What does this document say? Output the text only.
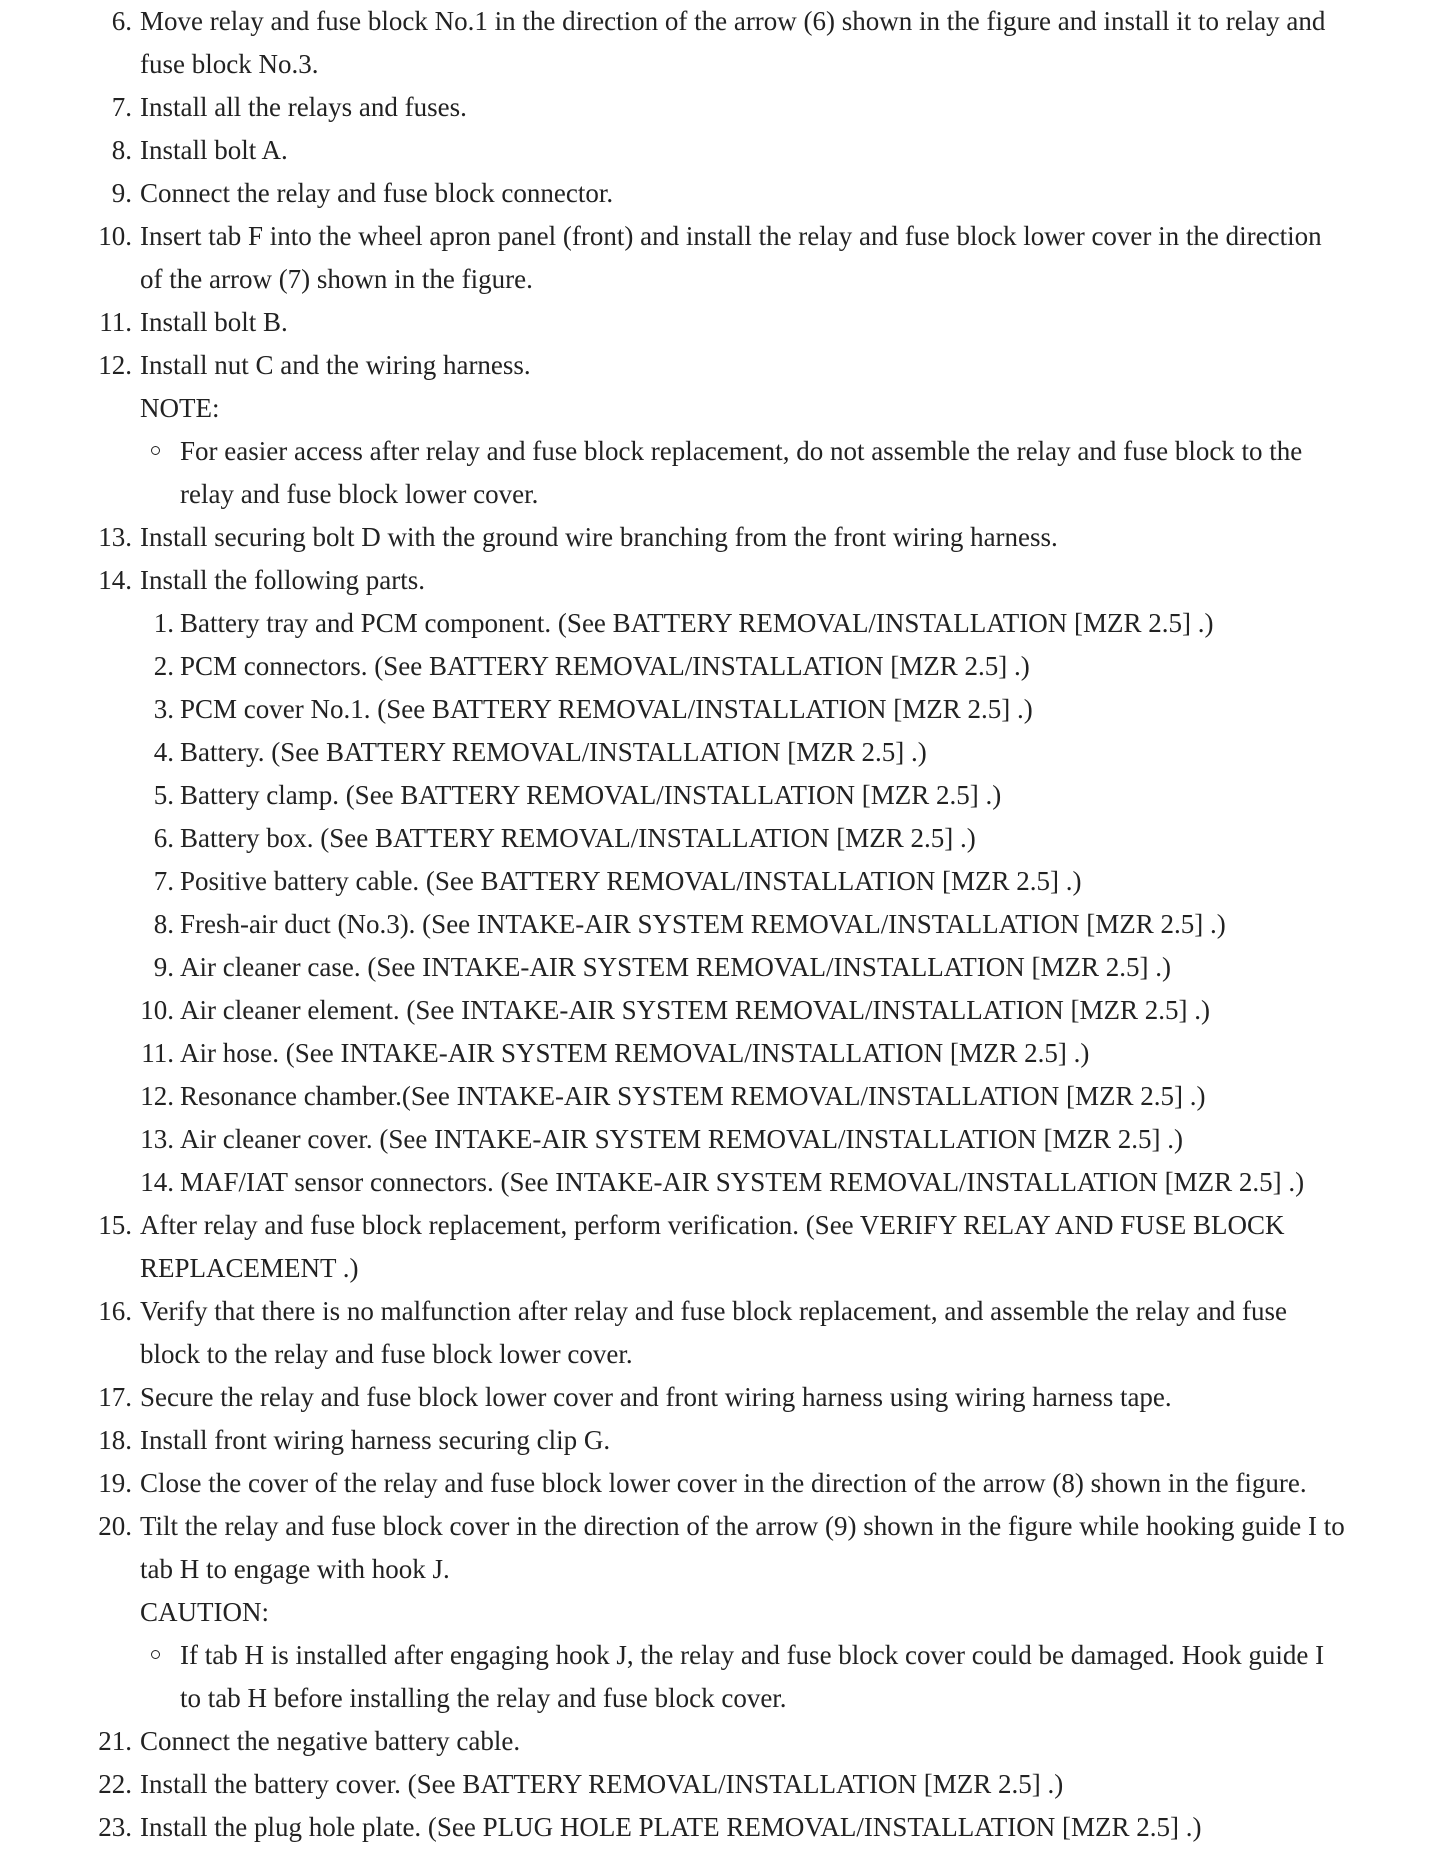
6. Move relay and fuse block No.1 in the direction of the arrow (6) shown in the figure and install it to relay and fuse block No.3.
7. Install all the relays and fuses.
8. Install bolt A.
9. Connect the relay and fuse block connector.
10. Insert tab F into the wheel apron panel (front) and install the relay and fuse block lower cover in the direction of the arrow (7) shown in the figure.
11. Install bolt B.
12. Install nut C and the wiring harness.
NOTE:
For easier access after relay and fuse block replacement, do not assemble the relay and fuse block to the relay and fuse block lower cover.
13. Install securing bolt D with the ground wire branching from the front wiring harness.
14. Install the following parts.
1. Battery tray and PCM component. (See BATTERY REMOVAL/INSTALLATION [MZR 2.5] .)
2. PCM connectors. (See BATTERY REMOVAL/INSTALLATION [MZR 2.5] .)
3. PCM cover No.1. (See BATTERY REMOVAL/INSTALLATION [MZR 2.5] .)
4. Battery. (See BATTERY REMOVAL/INSTALLATION [MZR 2.5] .)
5. Battery clamp. (See BATTERY REMOVAL/INSTALLATION [MZR 2.5] .)
6. Battery box. (See BATTERY REMOVAL/INSTALLATION [MZR 2.5] .)
7. Positive battery cable. (See BATTERY REMOVAL/INSTALLATION [MZR 2.5] .)
8. Fresh-air duct (No.3). (See INTAKE-AIR SYSTEM REMOVAL/INSTALLATION [MZR 2.5] .)
9. Air cleaner case. (See INTAKE-AIR SYSTEM REMOVAL/INSTALLATION [MZR 2.5] .)
10. Air cleaner element. (See INTAKE-AIR SYSTEM REMOVAL/INSTALLATION [MZR 2.5] .)
11. Air hose. (See INTAKE-AIR SYSTEM REMOVAL/INSTALLATION [MZR 2.5] .)
12. Resonance chamber.(See INTAKE-AIR SYSTEM REMOVAL/INSTALLATION [MZR 2.5] .)
13. Air cleaner cover. (See INTAKE-AIR SYSTEM REMOVAL/INSTALLATION [MZR 2.5] .)
14. MAF/IAT sensor connectors. (See INTAKE-AIR SYSTEM REMOVAL/INSTALLATION [MZR 2.5] .)
15. After relay and fuse block replacement, perform verification. (See VERIFY RELAY AND FUSE BLOCK REPLACEMENT .)
16. Verify that there is no malfunction after relay and fuse block replacement, and assemble the relay and fuse block to the relay and fuse block lower cover.
17. Secure the relay and fuse block lower cover and front wiring harness using wiring harness tape.
18. Install front wiring harness securing clip G.
19. Close the cover of the relay and fuse block lower cover in the direction of the arrow (8) shown in the figure.
20. Tilt the relay and fuse block cover in the direction of the arrow (9) shown in the figure while hooking guide I to tab H to engage with hook J.
CAUTION:
If tab H is installed after engaging hook J, the relay and fuse block cover could be damaged. Hook guide I to tab H before installing the relay and fuse block cover.
21. Connect the negative battery cable.
22. Install the battery cover. (See BATTERY REMOVAL/INSTALLATION [MZR 2.5] .)
23. Install the plug hole plate. (See PLUG HOLE PLATE REMOVAL/INSTALLATION [MZR 2.5] .)
